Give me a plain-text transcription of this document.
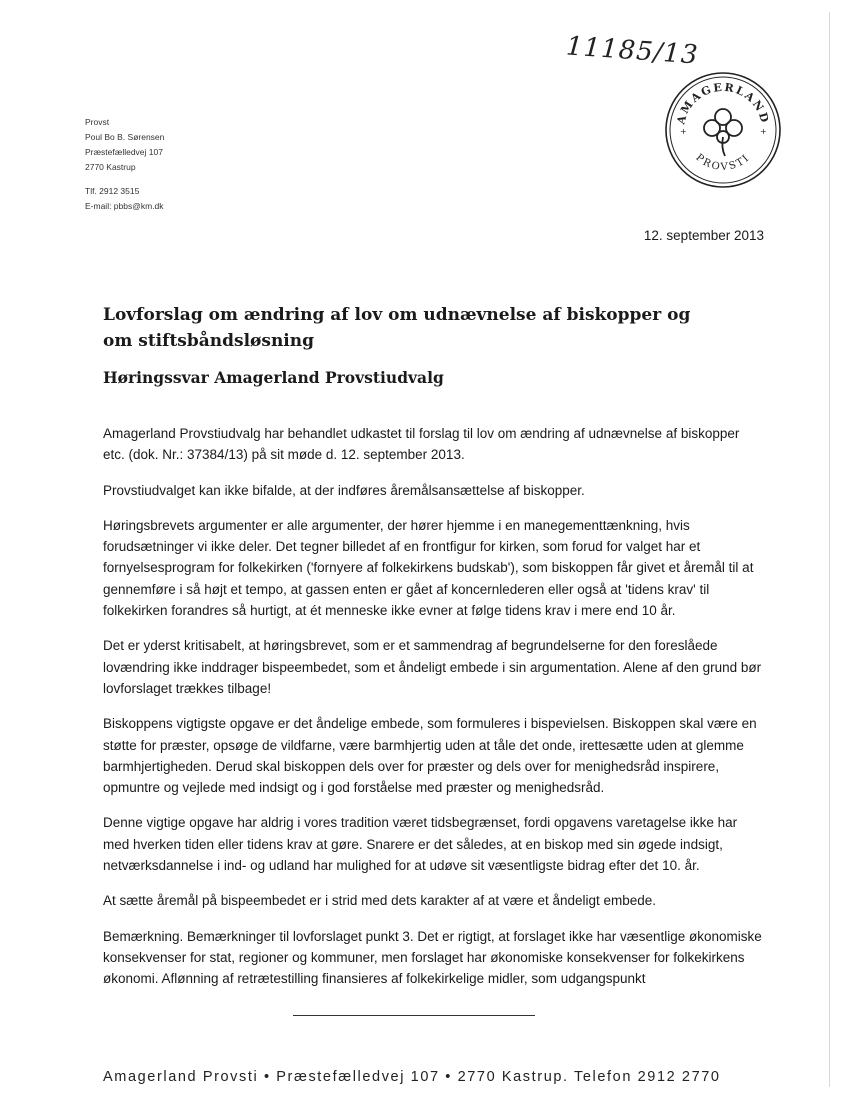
11185/13
AMAGERLAND
PROVSTI
+	+
Provst
Poul Bo B. Sørensen
Præstefælledvej 107
2770 Kastrup
Tlf. 2912 3515
E-mail: pbbs@km.dk
12. september 2013
Lovforslag om ændring af lov om udnævnelse af biskopper og om stiftsbåndsløsning
Høringssvar Amagerland Provstiudvalg

Amagerland Provstiudvalg har behandlet udkastet til forslag til lov om ændring af udnævnelse af biskopper etc. (dok. Nr.: 37384/13) på sit møde d. 12. september 2013.

Provstiudvalget kan ikke bifalde, at der indføres åremålsansættelse af biskopper.

Høringsbrevets argumenter er alle argumenter, der hører hjemme i en manegementtænkning, hvis forudsætninger vi ikke deler. Det tegner billedet af en frontfigur for kirken, som forud for valget har et fornyelsesprogram for folkekirken ('fornyere af folkekirkens budskab'), som biskoppen får givet et åremål til at gennemføre i så højt et tempo, at gassen enten er gået af koncernlederen eller også at 'tidens krav' til folkekirken forandres så hurtigt, at ét menneske ikke evner at følge tidens krav i mere end 10 år.

Det er yderst kritisabelt, at høringsbrevet, som er et sammendrag af begrundelserne for den foreslåede lovændring ikke inddrager bispeembedet, som et åndeligt embede i sin argumentation. Alene af den grund bør lovforslaget trækkes tilbage!

Biskoppens vigtigste opgave er det åndelige embede, som formuleres i bispevielsen. Biskoppen skal være en støtte for præster, opsøge de vildfarne, være barmhjertig uden at tåle det onde, irettesætte uden at glemme barmhjertigheden. Derud skal biskoppen dels over for præster og dels over for menighedsråd inspirere, opmuntre og vejlede med indsigt og i god forståelse med præster og menighedsråd.

Denne vigtige opgave har aldrig i vores tradition været tidsbegrænset, fordi opgavens varetagelse ikke har med hverken tiden eller tidens krav at gøre. Snarere er det således, at en biskop med sin øgede indsigt, netværksdannelse i ind- og udland har mulighed for at udøve sit væsentligste bidrag efter det 10. år.

At sætte åremål på bispeembedet er i strid med dets karakter af at være et åndeligt embede.

Bemærkning. Bemærkninger til lovforslaget punkt 3. Det er rigtigt, at forslaget ikke har væsentlige økonomiske konsekvenser for stat, regioner og kommuner, men forslaget har økonomiske konsekvenser for folkekirkens økonomi. Aflønning af retrætestilling finansieres af folkekirkelige midler, som udgangspunkt

Amagerland Provsti • Præstefælledvej 107 • 2770 Kastrup. Telefon 2912 2770
